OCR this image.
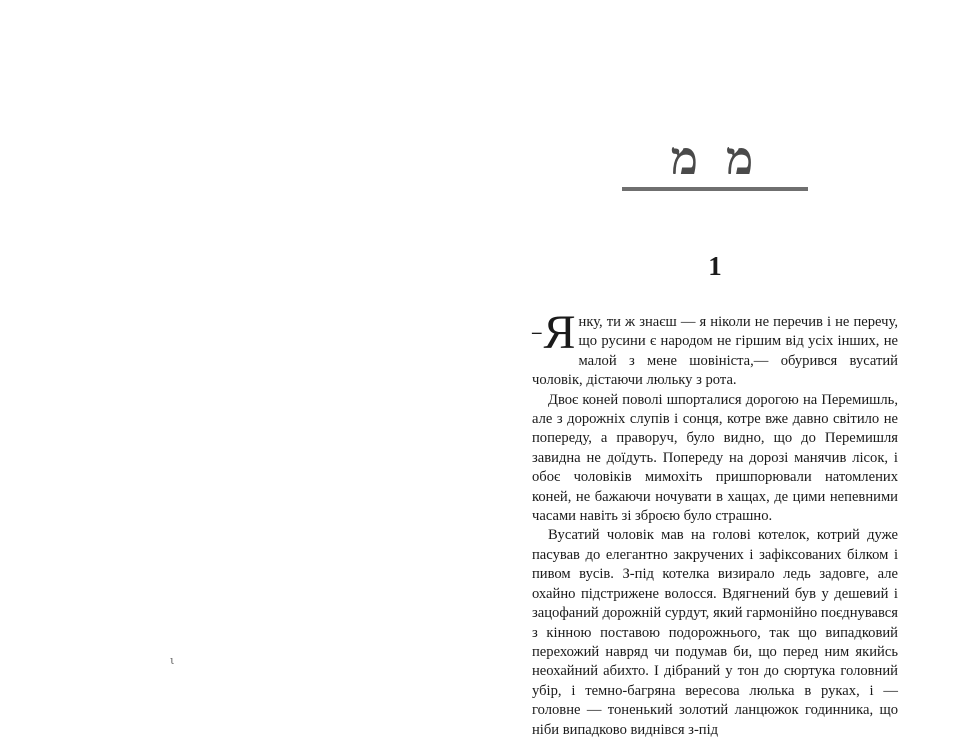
ι
מ מ
1

– Я нку, ти ж знаєш — я ніколи не перечив і не перечу, що русини є народом не гіршим від усіх інших, не малой з мене шовініста,— обурився вусатий чоловік, дістаючи люльку з рота.

Двоє коней поволі шпорталися дорогою на Перемишль, але з дорожніх слупів і сонця, котре вже давно світило не попереду, а праворуч, було видно, що до Перемишля завидна не доїдуть. Попереду на дорозі манячив лісок, і обоє чоловіків мимохіть пришпорювали натомлених коней, не бажаючи ночувати в хащах, де цими непевними часами навіть зі зброєю було страшно.

Вусатий чоловік мав на голові котелок, котрий дуже пасував до елегантно закручених і зафіксованих білком і пивом вусів. З-під котелка визирало ледь задовге, але охайно підстрижене волосся. Вдягнений був у дешевий і зацофаний дорожній сурдут, який гармонійно поєднувався з кінною поставою подорожнього, так що випадковий перехожий навряд чи подумав би, що перед ним якийсь неохайний абихто. І дібраний у тон до сюртука головний убір, і темно-багряна вересова люлька в руках, і — головне — тоненький золотий ланцюжок годинника, що ніби випадково виднівся з-під
